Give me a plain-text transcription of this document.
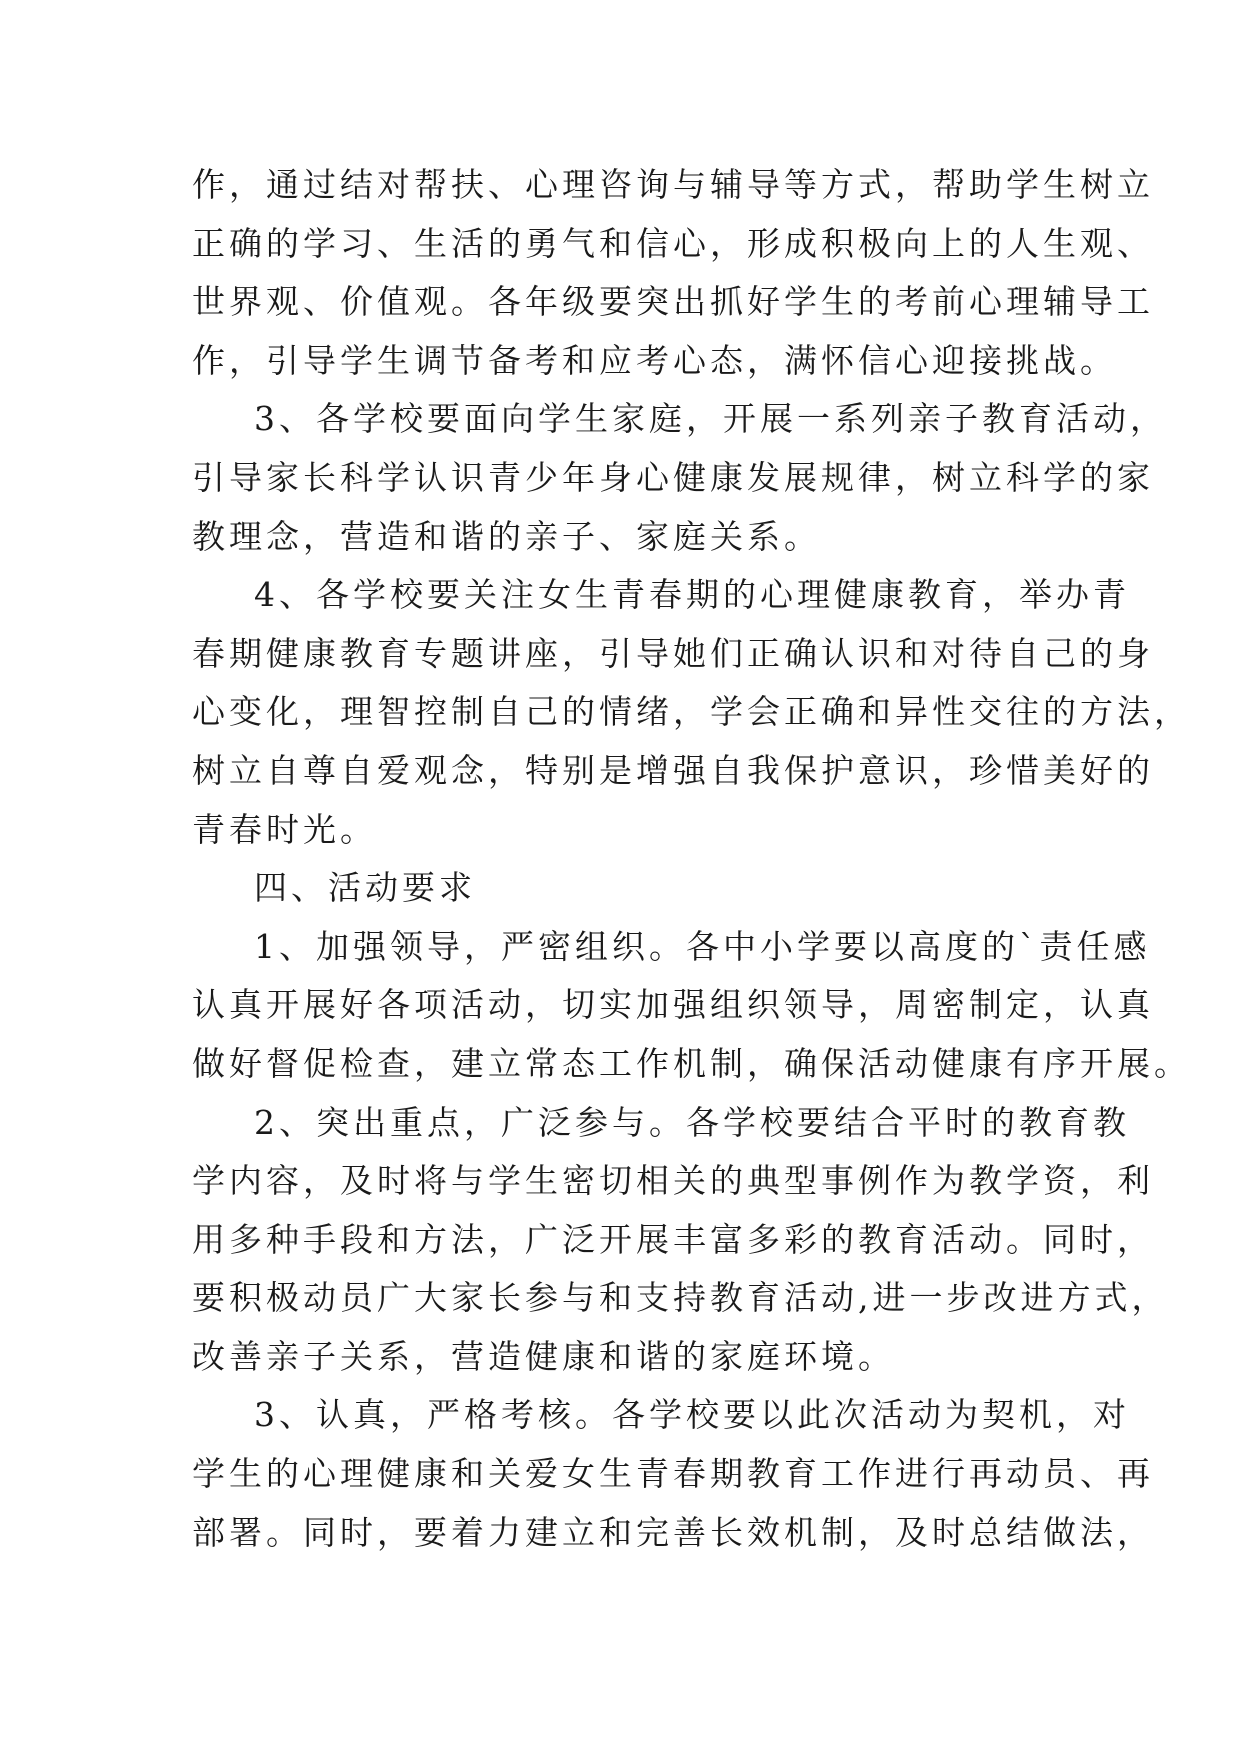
作，通过结对帮扶、心理咨询与辅导等方式，帮助学生树立
正确的学习、生活的勇气和信心，形成积极向上的人生观、
世界观、价值观。各年级要突出抓好学生的考前心理辅导工
作，引导学生调节备考和应考心态，满怀信心迎接挑战。
3、各学校要面向学生家庭，开展一系列亲子教育活动，
引导家长科学认识青少年身心健康发展规律，树立科学的家
教理念，营造和谐的亲子、家庭关系。
4、各学校要关注女生青春期的心理健康教育，举办青
春期健康教育专题讲座，引导她们正确认识和对待自己的身
心变化，理智控制自己的情绪，学会正确和异性交往的方法，
树立自尊自爱观念，特别是增强自我保护意识，珍惜美好的
青春时光。
四、活动要求
1、加强领导，严密组织。各中小学要以高度的`责任感
认真开展好各项活动，切实加强组织领导，周密制定，认真
做好督促检查，建立常态工作机制，确保活动健康有序开展。
2、突出重点，广泛参与。各学校要结合平时的教育教
学内容，及时将与学生密切相关的典型事例作为教学资，利
用多种手段和方法，广泛开展丰富多彩的教育活动。同时，
要积极动员广大家长参与和支持教育活动,进一步改进方式，
改善亲子关系，营造健康和谐的家庭环境。
3、认真，严格考核。各学校要以此次活动为契机，对
学生的心理健康和关爱女生青春期教育工作进行再动员、再
部署。同时，要着力建立和完善长效机制，及时总结做法，
